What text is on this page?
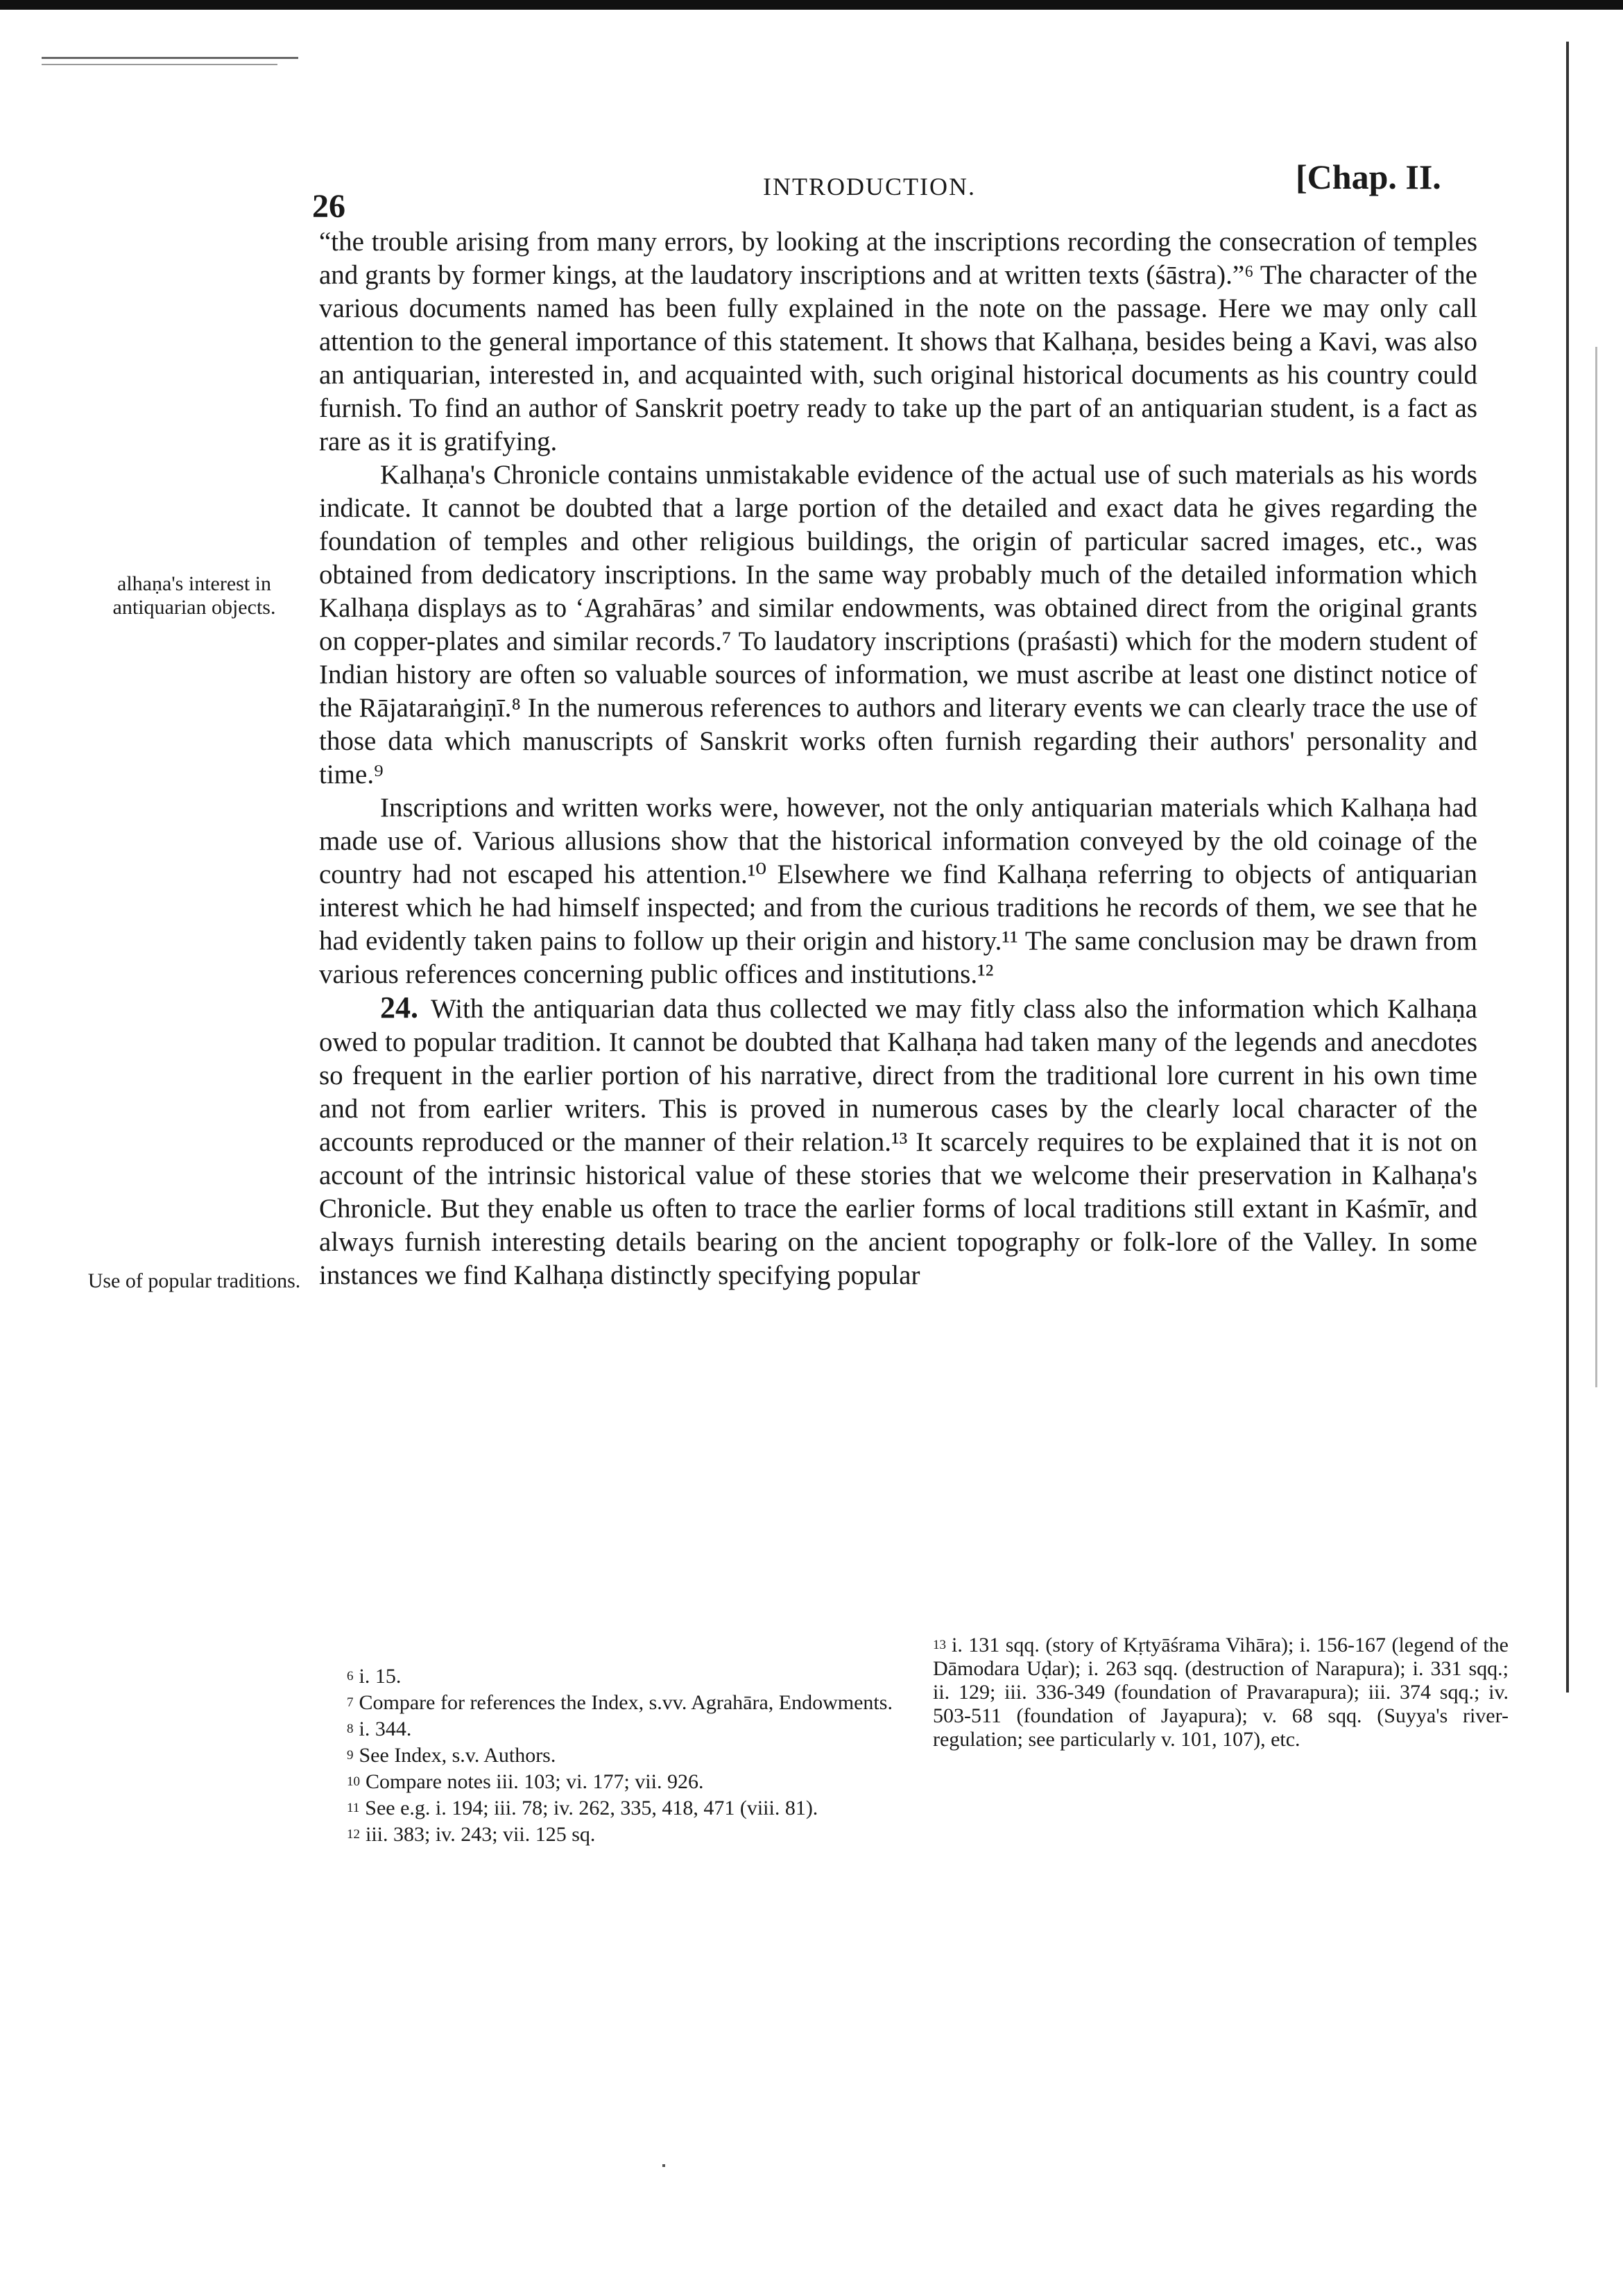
26
INTRODUCTION.	[Chap. II.

alhaṇa's interest in antiquarian objects.

Use of popular traditions.

“the trouble arising from many errors, by looking at the inscriptions recording the consecration of temples and grants by former kings, at the laudatory inscriptions and at written texts (śāstra).”⁶ The character of the various documents named has been fully explained in the note on the passage. Here we may only call attention to the general importance of this statement. It shows that Kalhaṇa, besides being a Kavi, was also an antiquarian, interested in, and acquainted with, such original historical documents as his country could furnish. To find an author of Sanskrit poetry ready to take up the part of an antiquarian student, is a fact as rare as it is gratifying.

Kalhaṇa's Chronicle contains unmistakable evidence of the actual use of such materials as his words indicate. It cannot be doubted that a large portion of the detailed and exact data he gives regarding the foundation of temples and other religious buildings, the origin of particular sacred images, etc., was obtained from dedicatory inscriptions. In the same way probably much of the detailed information which Kalhaṇa displays as to ‘Agrahāras’ and similar endowments, was obtained direct from the original grants on copper-plates and similar records.⁷ To laudatory inscriptions (praśasti) which for the modern student of Indian history are often so valuable sources of information, we must ascribe at least one distinct notice of the Rājataraṅgiṇī.⁸ In the numerous references to authors and literary events we can clearly trace the use of those data which manuscripts of Sanskrit works often furnish regarding their authors' personality and time.⁹

Inscriptions and written works were, however, not the only antiquarian materials which Kalhaṇa had made use of. Various allusions show that the historical information conveyed by the old coinage of the country had not escaped his attention.¹⁰ Elsewhere we find Kalhaṇa referring to objects of antiquarian interest which he had himself inspected; and from the curious traditions he records of them, we see that he had evidently taken pains to follow up their origin and history.¹¹ The same conclusion may be drawn from various references concerning public offices and institutions.¹²

24. With the antiquarian data thus collected we may fitly class also the information which Kalhaṇa owed to popular tradition. It cannot be doubted that Kalhaṇa had taken many of the legends and anecdotes so frequent in the earlier portion of his narrative, direct from the traditional lore current in his own time and not from earlier writers. This is proved in numerous cases by the clearly local character of the accounts reproduced or the manner of their relation.¹³ It scarcely requires to be explained that it is not on account of the intrinsic historical value of these stories that we welcome their preservation in Kalhaṇa's Chronicle. But they enable us often to trace the earlier forms of local traditions still extant in Kaśmīr, and always furnish interesting details bearing on the ancient topography or folk-lore of the Valley. In some instances we find Kalhaṇa distinctly specifying popular

$^6$ i. 15.

$^7$ Compare for references the Index, s.vv. Agrahāra, Endowments.

$^8$ i. 344.

$^9$ See Index, s.v. Authors.

$^{10}$ Compare notes iii. 103; vi. 177; vii. 926.

$^{11}$ See e.g. i. 194; iii. 78; iv. 262, 335, 418, 471 (viii. 81).

$^{12}$ iii. 383; iv. 243; vii. 125 sq.

$^{13}$ i. 131 sqq. (story of Kṛtyāśrama Vihāra); i. 156-167 (legend of the Dāmodara Uḍar); i. 263 sqq. (destruction of Narapura); i. 331 sqq.; ii. 129; iii. 336-349 (foundation of Pravarapura); iii. 374 sqq.; iv. 503-511 (foundation of Jayapura); v. 68 sqq. (Suyya's river-regulation; see particularly v. 101, 107), etc.
